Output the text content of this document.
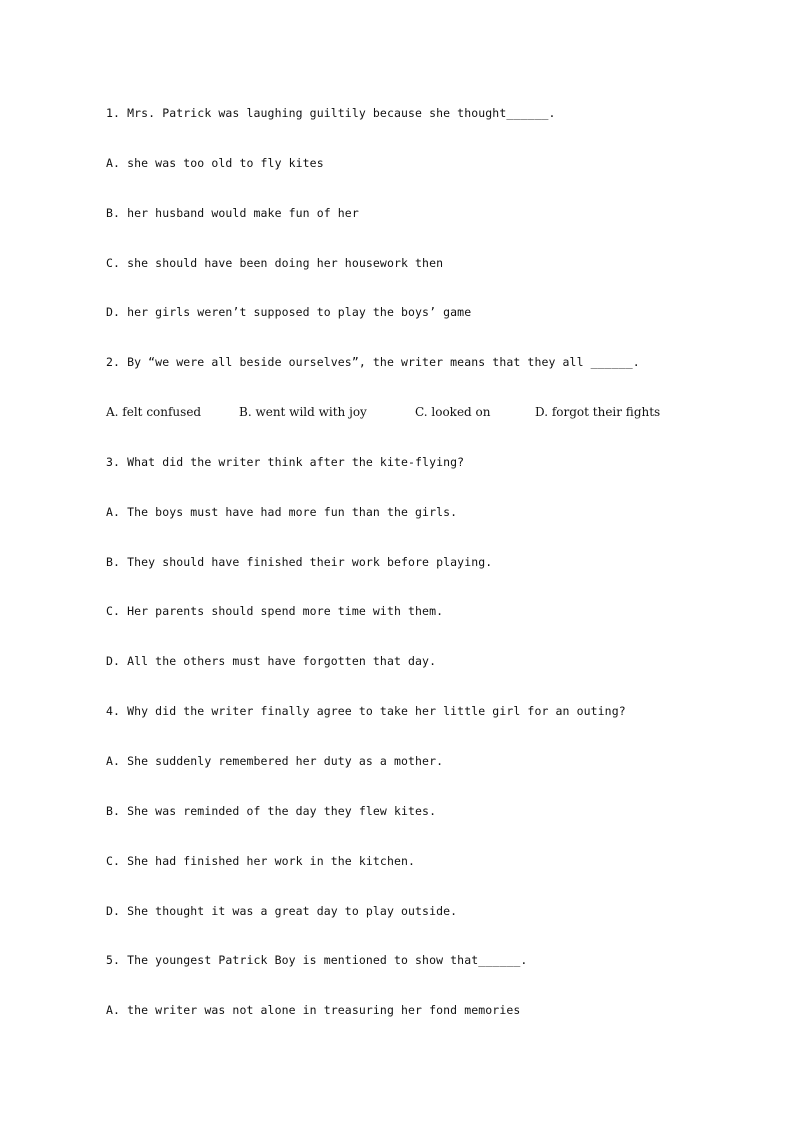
1. Mrs. Patrick was laughing guiltily because she thought______.
A. she was too old to fly kites
B. her husband would make fun of her
C. she should have been doing her housework then
D. her girls weren’t supposed to play the boys’ game
2. By “we were all beside ourselves”, the writer means that they all ______.

A. felt confused

	B. went wild with joy

	C. looked on

	D. forgot their fights

3. What did the writer think after the kite-flying?
A. The boys must have had more fun than the girls.
B. They should have finished their work before playing.
C. Her parents should spend more time with them.
D. All the others must have forgotten that day.
4. Why did the writer finally agree to take her little girl for an outing?
A. She suddenly remembered her duty as a mother.
B. She was reminded of the day they flew kites.
C. She had finished her work in the kitchen.
D. She thought it was a great day to play outside.
5. The youngest Patrick Boy is mentioned to show that______.
A. the writer was not alone in treasuring her fond memories
